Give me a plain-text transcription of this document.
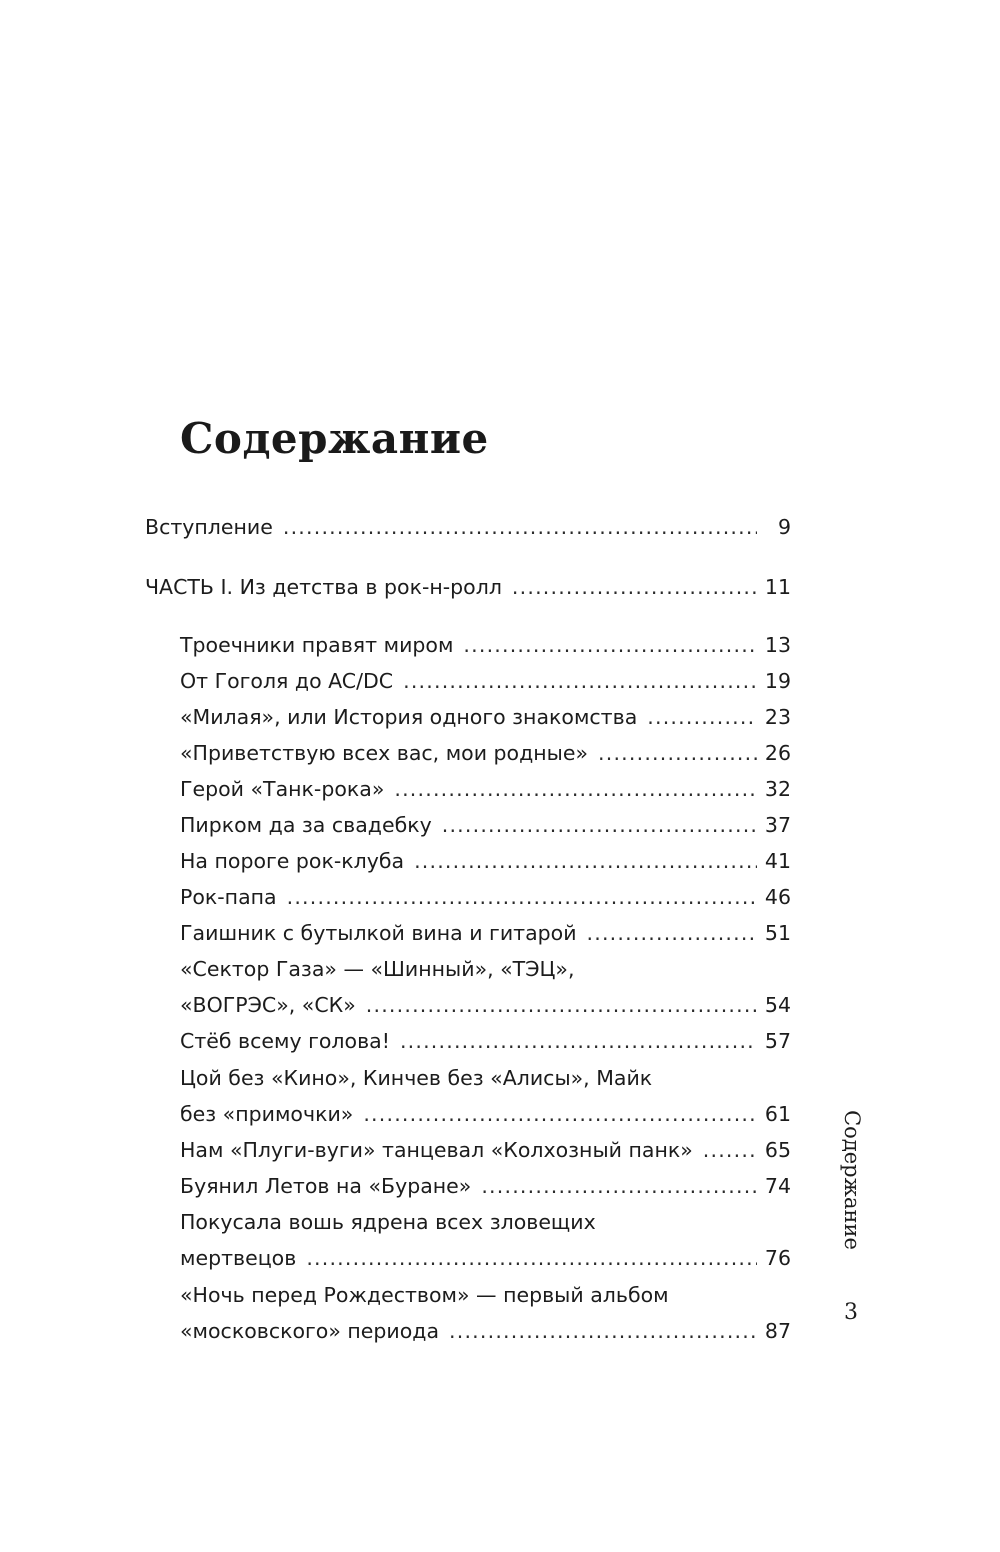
Содержание
Вступление .....	9
ЧАСТЬ I. Из детства в рок-н-ролл .....	11
Троечники правят миром .....	13
От Гоголя до AC/DC .....	19
«Милая», или История одного знакомства .....	23
«Приветствую всех вас, мои родные» .....	26
Герой «Танк-рока» .....	32
Пирком да за свадебку .....	37
На пороге рок-клуба .....	41
Рок-папа .....	46
Гаишник с бутылкой вина и гитарой .....	51
«Сектор Газа» — «Шинный», «ТЭЦ»,
«ВОГРЭС», «СК» .....	54
Стёб всему голова! .....	57
Цой без «Кино», Кинчев без «Алисы», Майк
без «примочки» .....	61
Нам «Плуги-вуги» танцевал «Колхозный панк» .....	65
Буянил Летов на «Буране» .....	74
Покусала вошь ядрена всех зловещих
мертвецов .....	76
«Ночь перед Рождеством» — первый альбом
«московского» периода .....	87
Содержание
3
